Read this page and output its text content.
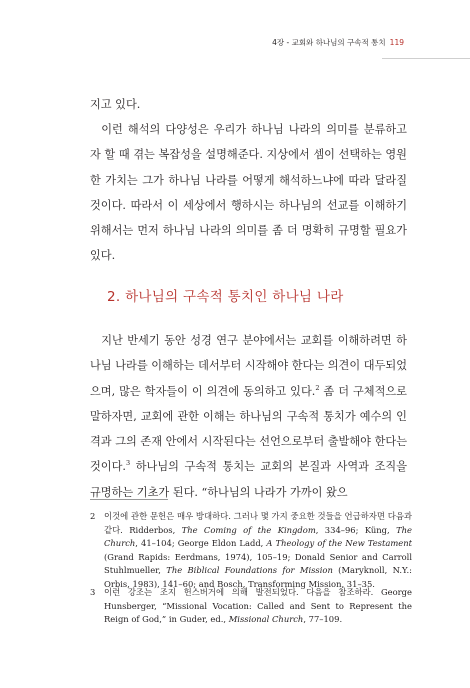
4장 - 교회와 하나님의 구속적 통치 119
지고 있다.
이런 해석의 다양성은 우리가 하나님 나라의 의미를 분류하고자 할 때 겪는 복잡성을 설명해준다. 지상에서 셈이 선택하는 영원한 가치는 그가 하나님 나라를 어떻게 해석하느냐에 따라 달라질 것이다. 따라서 이 세상에서 행하시는 하나님의 선교를 이해하기 위해서는 먼저 하나님 나라의 의미를 좀 더 명확히 규명할 필요가 있다.
2. 하나님의 구속적 통치인 하나님 나라
지난 반세기 동안 성경 연구 분야에서는 교회를 이해하려면 하나님 나라를 이해하는 데서부터 시작해야 한다는 의견이 대두되었으며, 많은 학자들이 이 의견에 동의하고 있다.$^2$ 좀 더 구체적으로 말하자면, 교회에 관한 이해는 하나님의 구속적 통치가 예수의 인격과 그의 존재 안에서 시작된다는 선언으로부터 출발해야 한다는 것이다.$^3$ 하나님의 구속적 통치는 교회의 본질과 사역과 조직을 규명하는 기초가 된다. “하나님의 나라가 가까이 왔으
2 이것에 관한 문헌은 매우 방대하다. 그러나 몇 가지 중요한 것들을 언급하자면 다음과 같다. Ridderbos, The Coming of the Kingdom, 334–96; Küng, The Church, 41–104; George Eldon Ladd, A Theology of the New Testament (Grand Rapids: Eerdmans, 1974), 105–19; Donald Senior and Carroll Stuhlmueller, The Biblical Foundations for Mission (Maryknoll, N.Y.: Orbis, 1983), 141–60; and Bosch, Transforming Mission, 31–35.
3 이런 강조는 조지 헌스버거에 의해 발전되었다. 다음을 참조하라. George Hunsberger, “Missional Vocation: Called and Sent to Represent the Reign of God,” in Guder, ed., Missional Church, 77–109.
